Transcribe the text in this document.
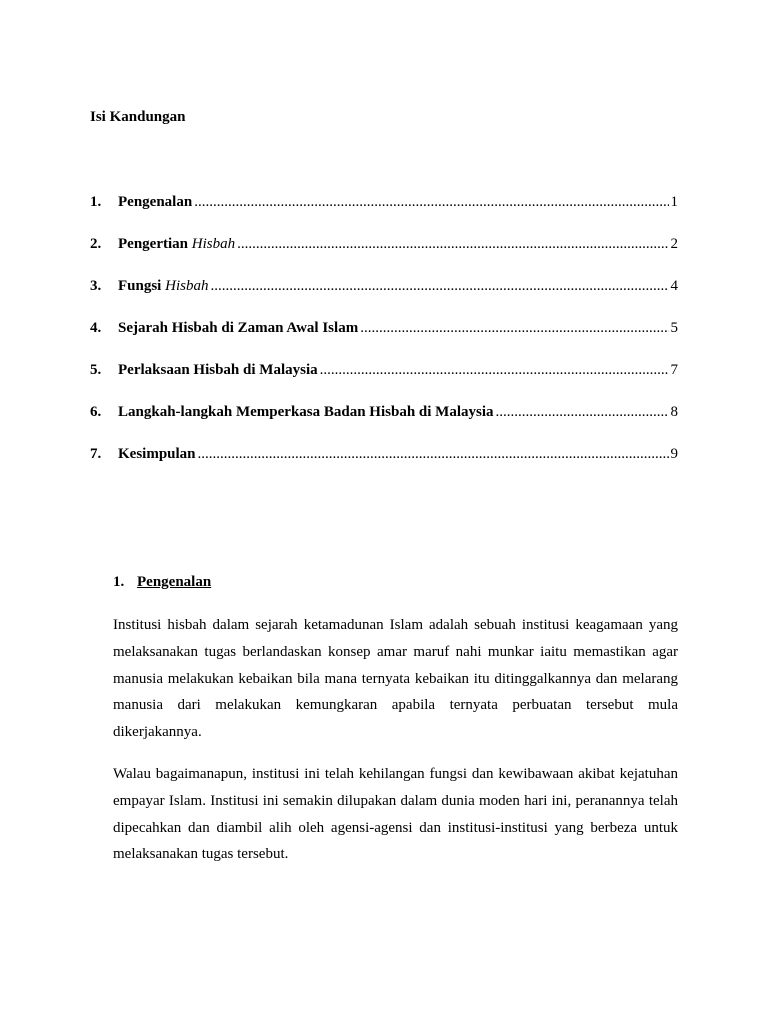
Isi Kandungan
1.	Pengenalan .....	1
2.	Pengertian Hisbah .....	2
3.	Fungsi Hisbah .....	4
4.	Sejarah Hisbah di Zaman Awal Islam .....	5
5.	Perlaksaan Hisbah di Malaysia .....	7
6.	Langkah-langkah Memperkasa Badan Hisbah di Malaysia .....	8
7.	Kesimpulan .....	9
1. Pengenalan

Institusi hisbah dalam sejarah ketamadunan Islam adalah sebuah institusi keagamaan yang melaksanakan tugas berlandaskan konsep amar maruf nahi munkar iaitu memastikan agar manusia melakukan kebaikan bila mana ternyata kebaikan itu ditinggalkannya dan melarang manusia dari melakukan kemungkaran apabila ternyata perbuatan tersebut mula dikerjakannya.

Walau bagaimanapun, institusi ini telah kehilangan fungsi dan kewibawaan akibat kejatuhan empayar Islam. Institusi ini semakin dilupakan dalam dunia moden hari ini, peranannya telah dipecahkan dan diambil alih oleh agensi-agensi dan institusi-institusi yang berbeza untuk melaksanakan tugas tersebut.
